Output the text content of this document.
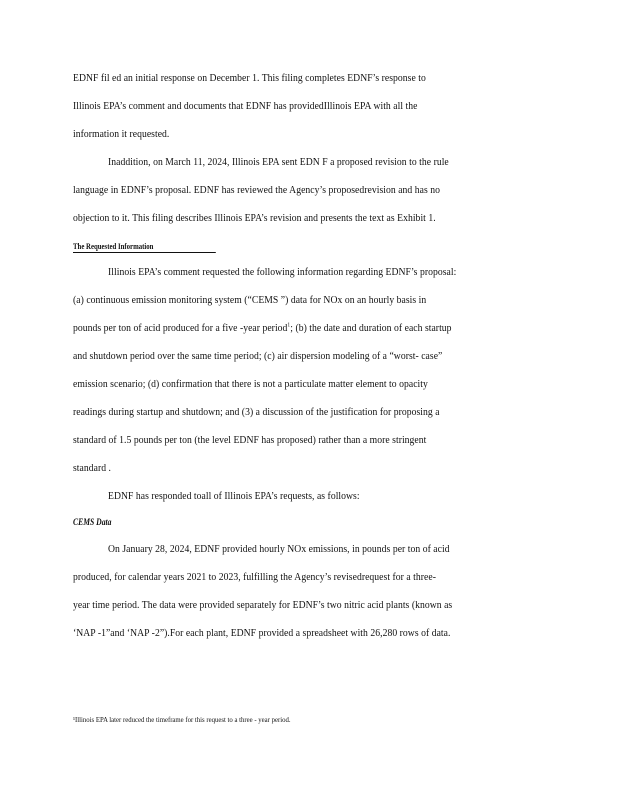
EDNF fil ed an initial response on December 1. This filing completes EDNF’s response to
Illinois EPA’s comment and documents that EDNF has providedIllinois EPA with all the
information it requested.
Inaddition, on March 11, 2024, Illinois EPA sent EDN F a proposed revision to the rule
language in EDNF’s proposal. EDNF has reviewed the Agency’s proposedrevision and has no
objection to it. This filing describes Illinois EPA’s revision and presents the text as Exhibit 1.
The Requested Information
Illinois EPA’s comment requested the following information regarding EDNF’s proposal:
(a) continuous emission monitoring system (“CEMS ”) data for NOx on an hourly basis in
pounds per ton of acid produced for a five -year period$^1$; (b) the date and duration of each startup
and shutdown period over the same time period; (c) air dispersion modeling of a “worst- case”
emission scenario; (d) confirmation that there is not a particulate matter element to opacity
readings during startup and shutdown; and (3) a discussion of the justification for proposing a
standard of 1.5 pounds per ton (the level EDNF has proposed) rather than a more stringent
standard .
EDNF has responded toall of Illinois EPA’s requests, as follows:
CEMS Data
On January 28, 2024, EDNF provided hourly NOx emissions, in pounds per ton of acid
produced, for calendar years 2021 to 2023, fulfilling the Agency’s revisedrequest for a three-
year time period. The data were provided separately for EDNF’s two nitric acid plants (known as
‘NAP -1”and ‘NAP -2”).For each plant, EDNF provided a spreadsheet with 26,280 rows of data.
¹Illinois EPA later reduced the timeframe for this request to a three - year period.
